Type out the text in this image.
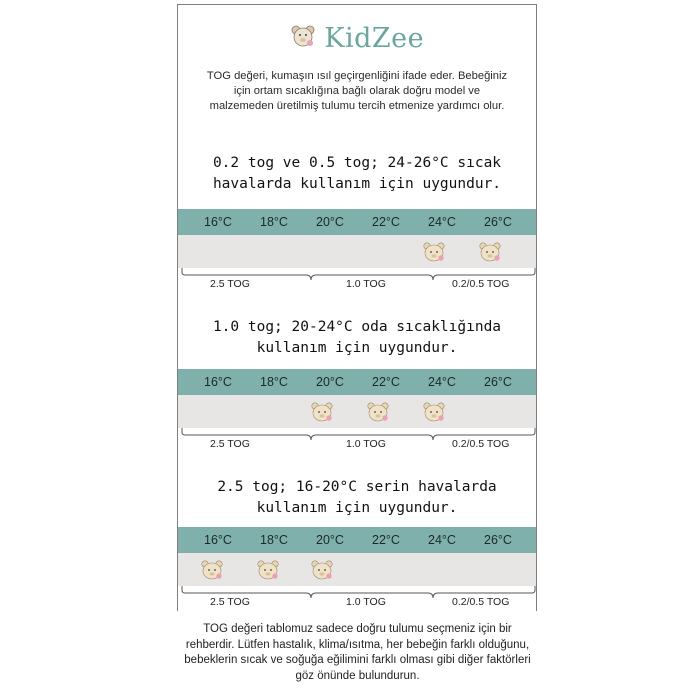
KidZee
TOG değeri, kumaşın ısıl geçirgenliğini ifade eder. Bebeğiniz için ortam sıcaklığına bağlı olarak doğru model ve malzemeden üretilmiş tulumu tercih etmenize yardımcı olur.
0.2 tog ve 0.5 tog; 24-26°C sıcak havalarda kullanım için uygundur.
16°C	18°C	20°C	22°C	24°C	26°C
2.5 TOG	1.0 TOG	0.2/0.5 TOG
1.0 tog; 20-24°C oda sıcaklığında kullanım için uygundur.
16°C	18°C	20°C	22°C	24°C	26°C
2.5 TOG	1.0 TOG	0.2/0.5 TOG
2.5 tog; 16-20°C serin havalarda kullanım için uygundur.
16°C	18°C	20°C	22°C	24°C	26°C
2.5 TOG	1.0 TOG	0.2/0.5 TOG
TOG değeri tablomuz sadece doğru tulumu seçmeniz için bir rehberdir. Lütfen hastalık, klima/ısıtma, her bebeğin farklı olduğunu, bebeklerin sıcak ve soğuğa eğilimini farklı olması gibi diğer faktörleri göz önünde bulundurun.
